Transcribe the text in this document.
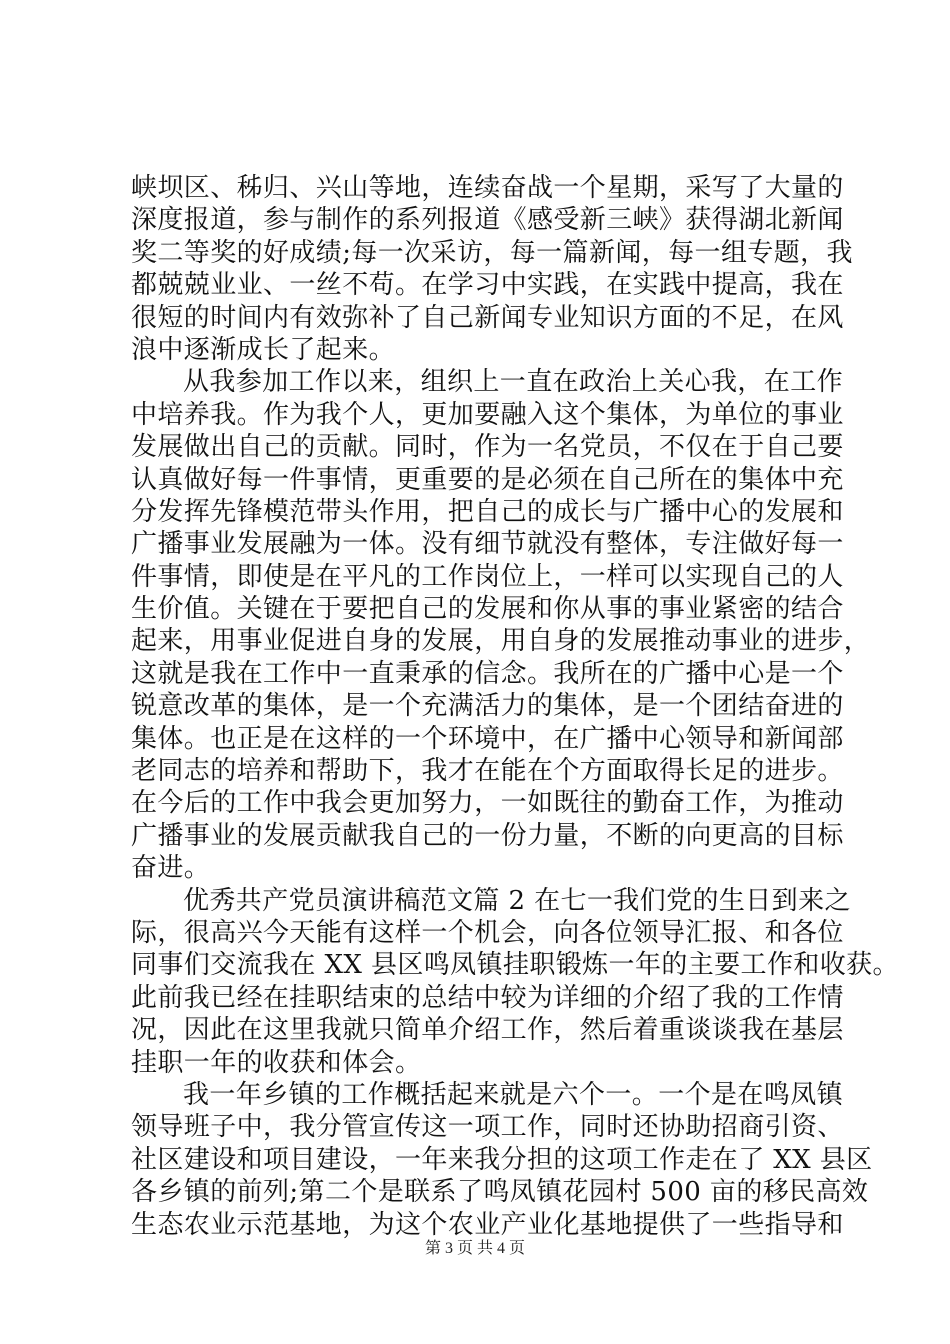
峡坝区、秭归、兴山等地，连续奋战一个星期，采写了大量的
深度报道，参与制作的系列报道《感受新三峡》获得湖北新闻
奖二等奖的好成绩;每一次采访，每一篇新闻，每一组专题，我
都兢兢业业、一丝不苟。在学习中实践，在实践中提高，我在
很短的时间内有效弥补了自己新闻专业知识方面的不足，在风
浪中逐渐成长了起来。
从我参加工作以来，组织上一直在政治上关心我，在工作
中培养我。作为我个人，更加要融入这个集体，为单位的事业
发展做出自己的贡献。同时，作为一名党员，不仅在于自己要
认真做好每一件事情，更重要的是必须在自己所在的集体中充
分发挥先锋模范带头作用，把自己的成长与广播中心的发展和
广播事业发展融为一体。没有细节就没有整体，专注做好每一
件事情，即使是在平凡的工作岗位上，一样可以实现自己的人
生价值。关键在于要把自己的发展和你从事的事业紧密的结合
起来，用事业促进自身的发展，用自身的发展推动事业的进步，
这就是我在工作中一直秉承的信念。我所在的广播中心是一个
锐意改革的集体，是一个充满活力的集体，是一个团结奋进的
集体。也正是在这样的一个环境中，在广播中心领导和新闻部
老同志的培养和帮助下，我才在能在个方面取得长足的进步。
在今后的工作中我会更加努力，一如既往的勤奋工作，为推动
广播事业的发展贡献我自己的一份力量，不断的向更高的目标
奋进。
优秀共产党员演讲稿范文篇 2 在七一我们党的生日到来之
际，很高兴今天能有这样一个机会，向各位领导汇报、和各位
同事们交流我在 XX 县区鸣凤镇挂职锻炼一年的主要工作和收获。
此前我已经在挂职结束的总结中较为详细的介绍了我的工作情
况，因此在这里我就只简单介绍工作，然后着重谈谈我在基层
挂职一年的收获和体会。
我一年乡镇的工作概括起来就是六个一。一个是在鸣凤镇
领导班子中，我分管宣传这一项工作，同时还协助招商引资、
社区建设和项目建设，一年来我分担的这项工作走在了 XX 县区
各乡镇的前列;第二个是联系了鸣凤镇花园村 500 亩的移民高效
生态农业示范基地，为这个农业产业化基地提供了一些指导和
第 3 页 共 4 页
